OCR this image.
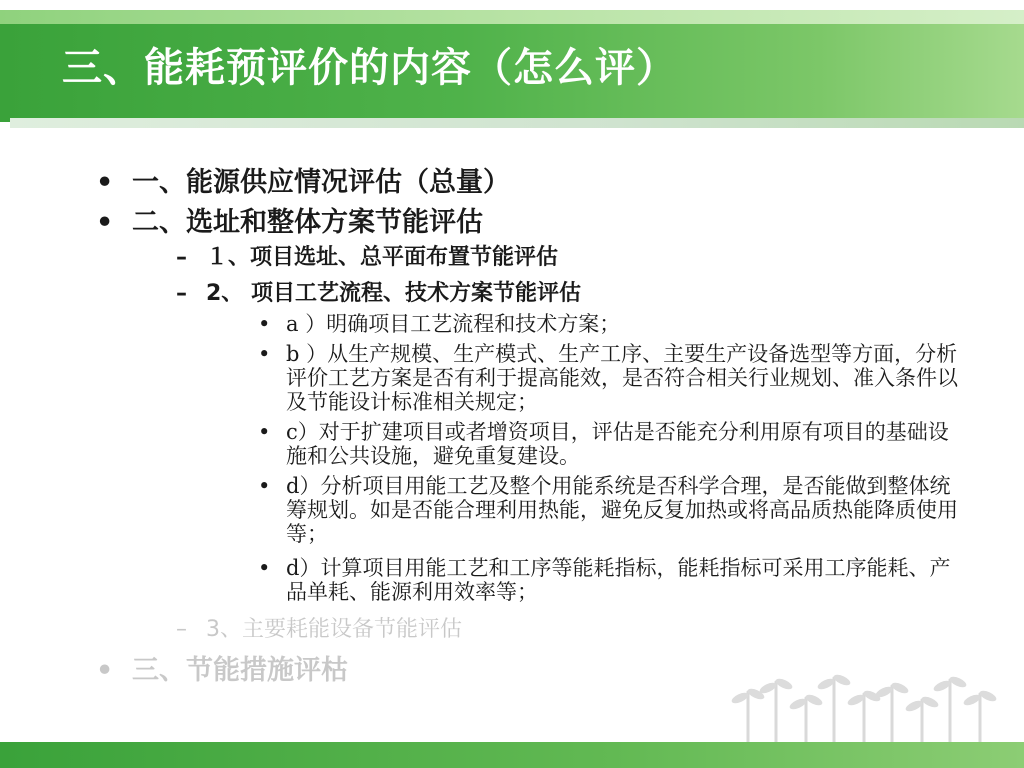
三、能耗预评价的内容（怎么评）

• 一、能源供应情况评估（总量）

• 二、选址和整体方案节能评估

– １、项目选址、总平面布置节能评估

– 2、 项目工艺流程、技术方案节能评估

• a ）明确项目工艺流程和技术方案；
• b ）从生产规模、生产模式、生产工序、主要生产设备选型等方面，分析评价工艺方案是否有利于提高能效，是否符合相关行业规划、准入条件以及节能设计标准相关规定；
• c）对于扩建项目或者增资项目，评估是否能充分利用原有项目的基础设施和公共设施，避免重复建设。
• d）分析项目用能工艺及整个用能系统是否科学合理，是否能做到整体统筹规划。如是否能合理利用热能，避免反复加热或将高品质热能降质使用等；
• d）计算项目用能工艺和工序等能耗指标，能耗指标可采用工序能耗、产品单耗、能源利用效率等；

– 3、主要耗能设备节能评估

• 三、节能措施评枯
